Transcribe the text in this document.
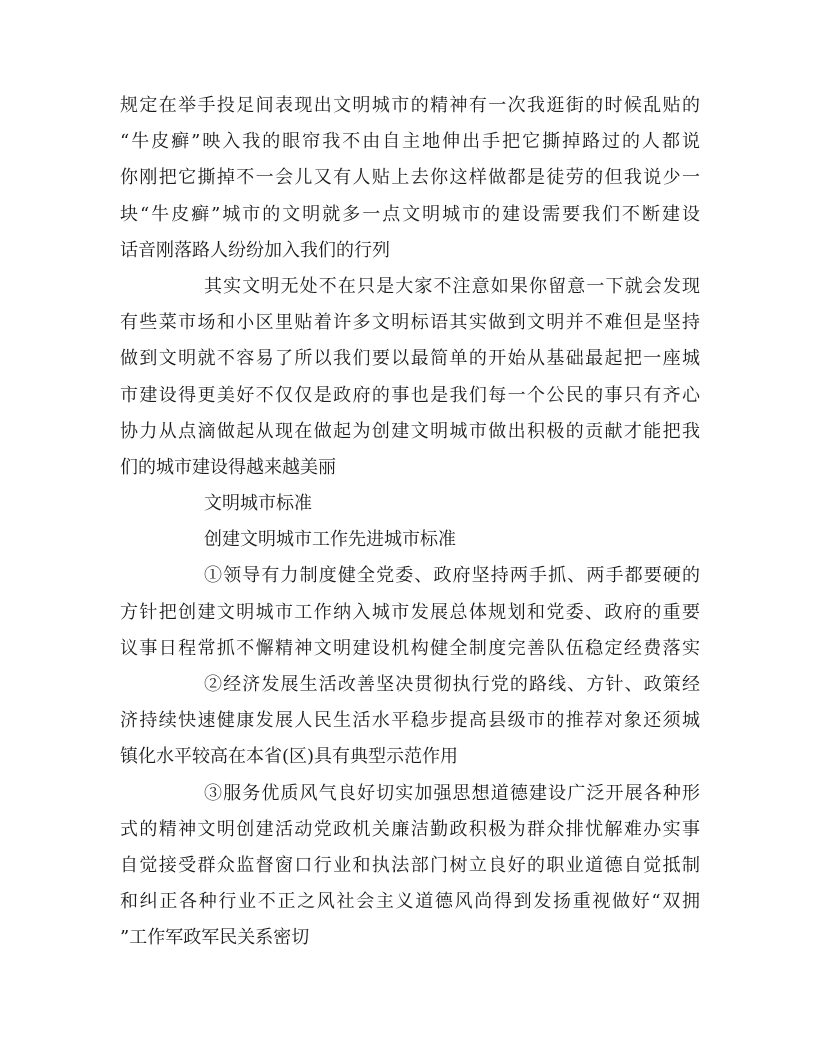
规定在举手投足间表现出文明城市的精神有一次我逛街的时候乱贴的
“牛皮癣”映入我的眼帘我不由自主地伸出手把它撕掉路过的人都说
你刚把它撕掉不一会儿又有人贴上去你这样做都是徒劳的但我说少一
块“牛皮癣”城市的文明就多一点文明城市的建设需要我们不断建设
话音刚落路人纷纷加入我们的行列
其实文明无处不在只是大家不注意如果你留意一下就会发现
有些菜市场和小区里贴着许多文明标语其实做到文明并不难但是坚持
做到文明就不容易了所以我们要以最简单的开始从基础最起把一座城
市建设得更美好不仅仅是政府的事也是我们每一个公民的事只有齐心
协力从点滴做起从现在做起为创建文明城市做出积极的贡献才能把我
们的城市建设得越来越美丽
文明城市标准
创建文明城市工作先进城市标准
①领导有力制度健全党委、政府坚持两手抓、两手都要硬的
方针把创建文明城市工作纳入城市发展总体规划和党委、政府的重要
议事日程常抓不懈精神文明建设机构健全制度完善队伍稳定经费落实
②经济发展生活改善坚决贯彻执行党的路线、方针、政策经
济持续快速健康发展人民生活水平稳步提高县级市的推荐对象还须城
镇化水平较高在本省(区)具有典型示范作用
③服务优质风气良好切实加强思想道德建设广泛开展各种形
式的精神文明创建活动党政机关廉洁勤政积极为群众排忧解难办实事
自觉接受群众监督窗口行业和执法部门树立良好的职业道德自觉抵制
和纠正各种行业不正之风社会主义道德风尚得到发扬重视做好“双拥
”工作军政军民关系密切
